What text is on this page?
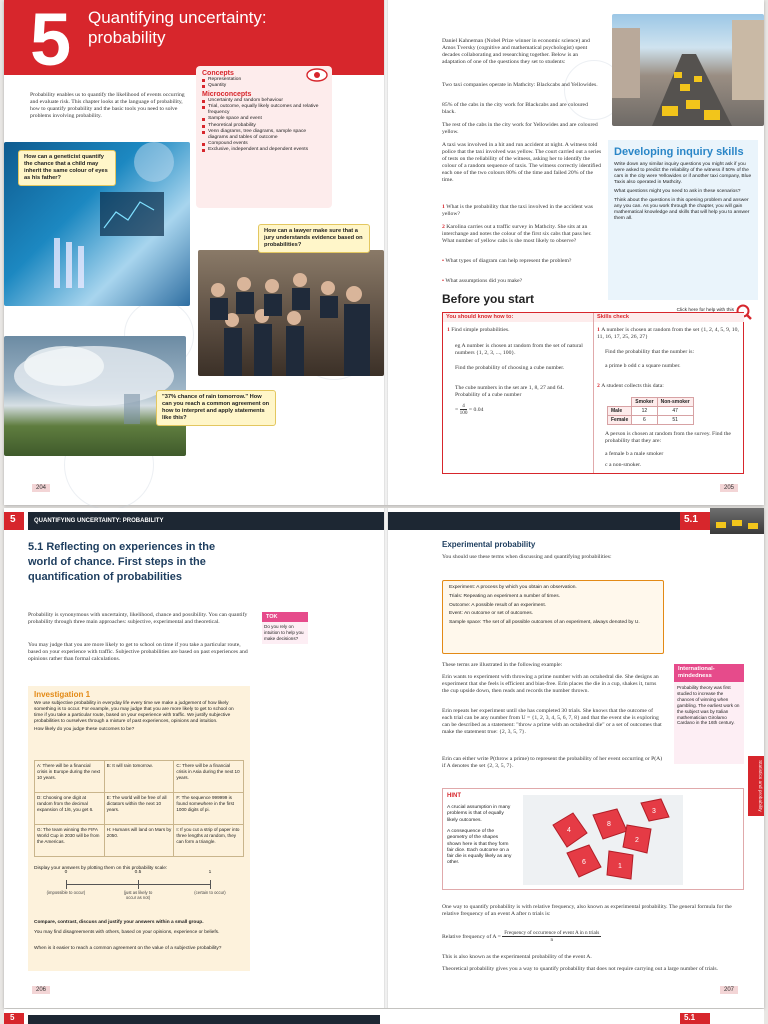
5 Quantifying uncertainty: probability
Concepts
Representation
Quantity
Microconcepts
Uncertainty and random behaviour
Trial, outcome, equally likely outcomes and relative frequency
Sample space and event
Theoretical probability
Venn diagrams, tree diagrams, sample space diagrams and tables of outcome
Compound events
Exclusive, independent and dependent events
Probability enables us to quantify the likelihood of events occurring and evaluate risk. This chapter looks at the language of probability, how to quantify probability and the basic tools you need to solve problems involving probability.
How can a geneticist quantify the chance that a child may inherit the same colour of eyes as his father?
How can a lawyer make sure that a jury understands evidence based on probabilities?
"37% chance of rain tomorrow." How can you reach a common agreement on how to interpret and apply statements like this?
204
Daniel Kahneman (Nobel Prize winner in economic science) and Amos Tversky (cognitive and mathematical psychologist) spent decades collaborating and researching together. Below is an adaptation of one of the questions they set to students:
Two taxi companies operate in Mathcity: Blackcabs and Yellowides.
85% of the cabs in the city work for Blackcabs and are coloured black.
The rest of the cabs in the city work for Yellowides and are coloured yellow.
A taxi was involved in a hit and run accident at night. A witness told police that the taxi involved was yellow. The court carried out a series of tests on the reliability of the witness, asking her to identify the colour of a random sequence of taxis. The witness correctly identified each one of the two colours 80% of the time and failed 20% of the time.
1 What is the probability that the taxi involved in the accident was yellow?
2 Karolina carries out a traffic survey in Mathcity. She sits at an interchange and notes the colour of the first six cabs that pass her. What number of yellow cabs is she most likely to observe?
• What types of diagram can help represent the problem?
• What assumptions did you make?
Developing inquiry skills

Write down any similar inquiry questions you might ask if you were asked to predict the reliability of the witness if 50% of the cars in the city were Yellowides or if another taxi company, Blue Taxis also operated in Mathcity.

What questions might you need to ask in these scenarios?

Think about the questions in this opening problem and answer any you can. As you work through the chapter, you will gain mathematical knowledge and skills that will help you to answer them all.

Before you start
Click here for help with this
You should know how to:	Skills check
1 Find simple probabilities.
eg A number is chosen at random from the set of natural numbers {1, 2, 3, ..., 100}.
Find the probability of choosing a cube number.
The cube numbers in the set are 1, 8, 27 and 64. Probability of a cube number
= $\frac{4}{100} = 0.04$
1 A number is chosen at random from the set {1, 2, 4, 5, 9, 10, 11, 16, 17, 25, 26, 27}
Find the probability that the number is:
a prime b odd c a square number.
2 A student collects this data:
	Smoker	Non-smoker
Male	12	47
Female	6	51
A person is chosen at random from the survey. Find the probability that they are:
a female b a male smoker
c a non-smoker.
205
5	QUANTIFYING UNCERTAINTY: PROBABILITY	5.1
5.1 Reflecting on experiences in the world of chance. First steps in the quantification of probabilities
Probability is synonymous with uncertainty, likelihood, chance and possibility. You can quantify probability through three main approaches: subjective, experimental and theoretical.
You may judge that you are more likely to get to school on time if you take a particular route, based on your experience with traffic. Subjective probabilities are based on past experiences and opinions rather than formal calculations.
TOK
Do you rely on intuition to help you make decisions?
Investigation 1

We use subjective probability in everyday life every time we make a judgement of how likely something is to occur. For example, you may judge that you are more likely to get to school on time if you take a particular route, based on your experience with traffic. We justify subjective probabilities to ourselves through a mixture of past experiences, opinions and intuition.

How likely do you judge these outcomes to be?

A: There will be a financial crisis in Europe during the next 10 years.
B: It will rain tomorrow.	C: There will be a financial crisis in Asia during the next 10 years.
D: Choosing one digit at random from the decimal expansion of 1/6, you get 6.
E: The world will be free of all dictators within the next 10 years.
F: The sequence 999999 is found somewhere in the first 1000 digits of pi.
G: The team winning the FIFA World Cup in 2030 will be from the Americas.
H: Humans will land on Mars by 2050.
I: If you cut a strip of paper into three lengths at random, they can form a triangle.

Display your answers by plotting them on this probability scale:

0	0.5	1
(impossible to occur)	(just as likely to occur as not)
(certain to occur)

Compare, contrast, discuss and justify your answers within a small group.

You may find disagreements with others, based on your opinions, experience or beliefs.

When is it easier to reach a common agreement on the value of a subjective probability?

206
Experimental probability
You should use these terms when discussing and quantifying probabilities:

Experiment: A process by which you obtain an observation.

Trials: Repeating an experiment a number of times.

Outcome: A possible result of an experiment.

Event: An outcome or set of outcomes.

Sample space: The set of all possible outcomes of an experiment, always denoted by U.

These terms are illustrated in the following example:
Erin wants to experiment with throwing a prime number with an octahedral die. She designs an experiment that she feels is efficient and bias-free. Erin places the die in a cup, shakes it, turns the cup upside down, then reads and records the number thrown.
Erin repeats her experiment until she has completed 30 trials. She knows that the outcome of each trial can be any number from U = {1, 2, 3, 4, 5, 6, 7, 8} and that the event she is exploring can be described as a statement: "throw a prime with an octahedral die" or a set of outcomes that make the statement true: {2, 3, 5, 7}.
Erin can either write P(throw a prime) to represent the probability of her event occurring or P(A) if A denotes the set {2, 3, 5, 7}.
International-mindedness
Probability theory was first studied to increase the chances of winning when gambling. The earliest work on the subject was by Italian mathematician Girolamo Cardano in the 16th century.
Statistics and probability
HINT

A crucial assumption in many problems is that of equally likely outcomes.

A consequence of the geometry of the shapes shown here is that they form fair dice. Each outcome on a fair die is equally likely as any other.

4
8
2
6
1
3
One way to quantify probability is with relative frequency, also known as experimental probability. The general formula for the relative frequency of an event A after n trials is:
Relative frequency of $A = \frac{\text{Frequency of occurrence of event A in n trials}}{n}$
This is also known as the experimental probability of the event A.
Theoretical probability gives you a way to quantify probability that does not require carrying out a large number of trials.
207
5	5.1
